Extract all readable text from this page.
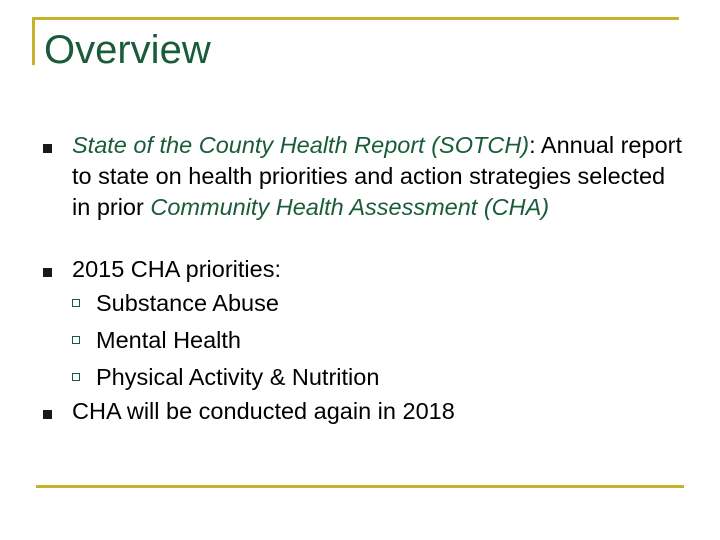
Overview
State of the County Health Report (SOTCH): Annual report to state on health priorities and action strategies selected in prior Community Health Assessment (CHA)
2015 CHA priorities:
Substance Abuse
Mental Health
Physical Activity & Nutrition
CHA will be conducted again in 2018
